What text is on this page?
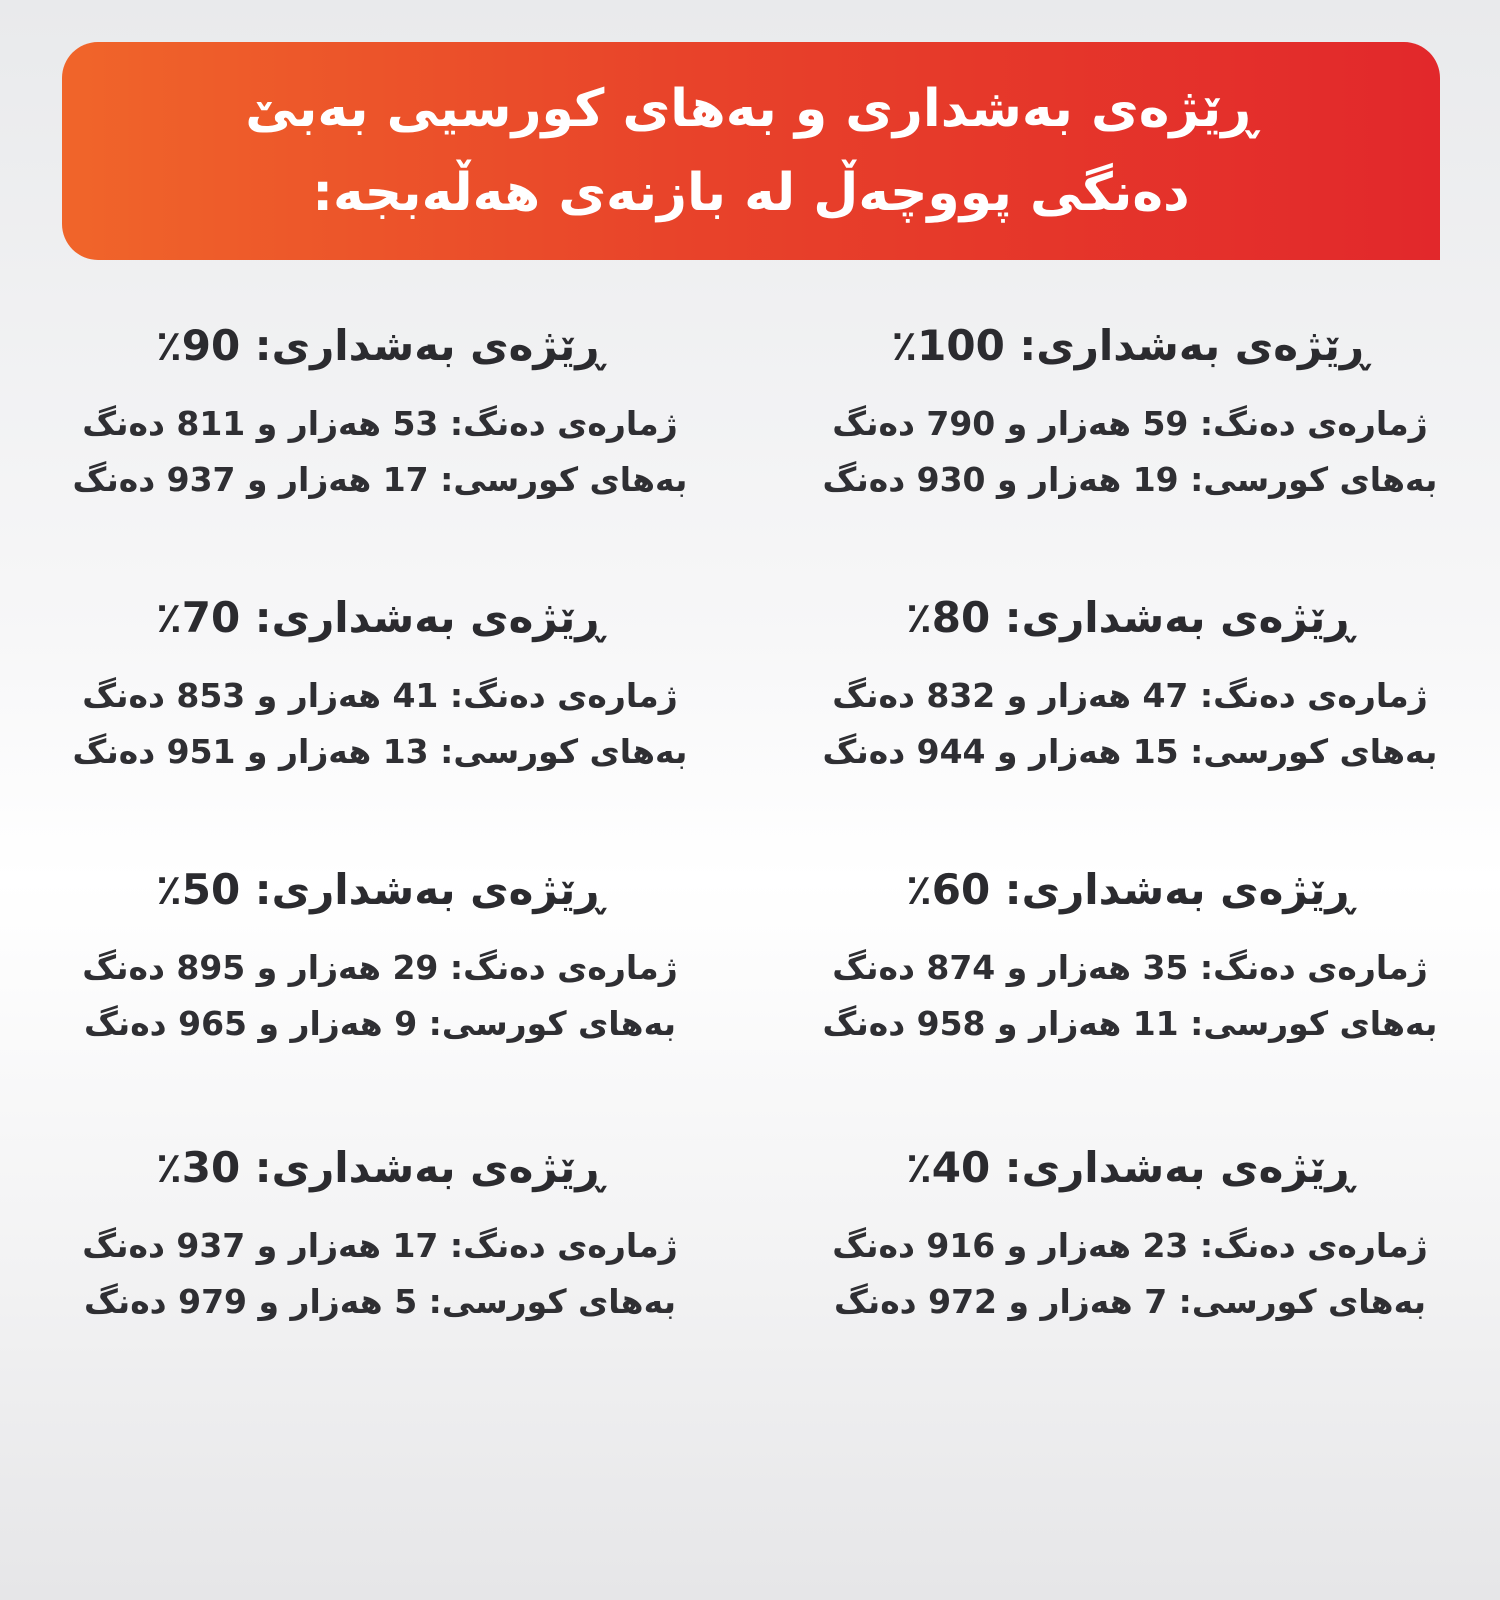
ڕێژەی بەشداری و بەهای کورسیی بەبێ
دەنگی پووچەڵ لە بازنەی هەڵەبجە:

ڕێژەی بەشداری: 100٪

ژمارەی دەنگ: 59 هەزار و 790 دەنگ

بەهای کورسی: 19 هەزار و 930 دەنگ

ڕێژەی بەشداری: 90٪

ژمارەی دەنگ: 53 هەزار و 811 دەنگ

بەهای کورسی: 17 هەزار و 937 دەنگ

ڕێژەی بەشداری: 80٪

ژمارەی دەنگ: 47 هەزار و 832 دەنگ

بەهای کورسی: 15 هەزار و 944 دەنگ

ڕێژەی بەشداری: 70٪

ژمارەی دەنگ: 41 هەزار و 853 دەنگ

بەهای کورسی: 13 هەزار و 951 دەنگ

ڕێژەی بەشداری: 60٪

ژمارەی دەنگ: 35 هەزار و 874 دەنگ

بەهای کورسی: 11 هەزار و 958 دەنگ

ڕێژەی بەشداری: 50٪

ژمارەی دەنگ: 29 هەزار و 895 دەنگ

بەهای کورسی: 9 هەزار و 965 دەنگ

ڕێژەی بەشداری: 40٪

ژمارەی دەنگ: 23 هەزار و 916 دەنگ

بەهای کورسی: 7 هەزار و 972 دەنگ

ڕێژەی بەشداری: 30٪

ژمارەی دەنگ: 17 هەزار و 937 دەنگ

بەهای کورسی: 5 هەزار و 979 دەنگ
